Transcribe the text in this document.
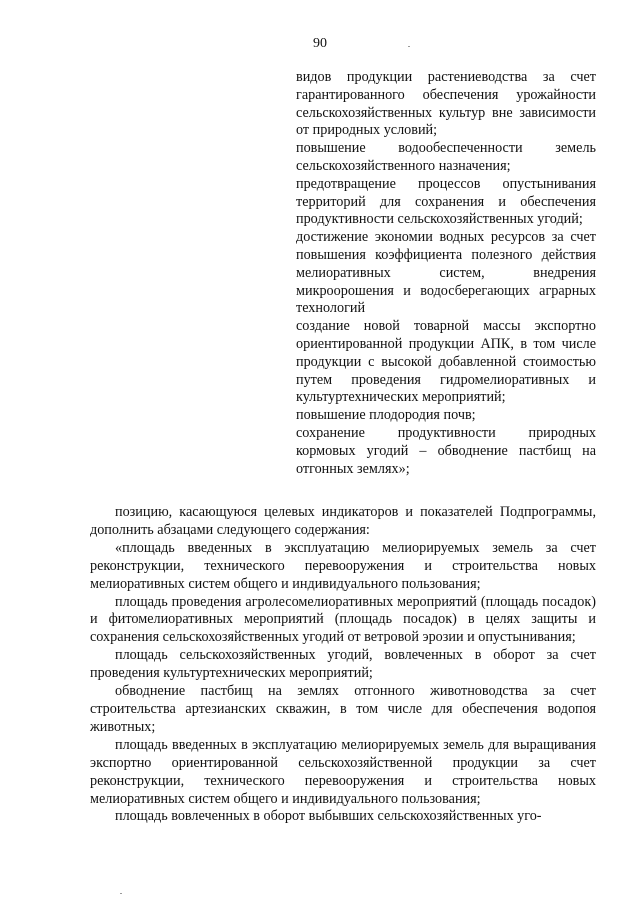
90

видов продукции растениеводства за счет гарантированного обеспечения урожайности сельскохозяйственных культур вне зависимости от природных условий;

повышение водообеспеченности земель сельскохозяйственного назначения;

предотвращение процессов опустынивания территорий для сохранения и обеспечения продуктивности сельскохозяйственных угодий;

достижение экономии водных ресурсов за счет повышения коэффициента полезного действия мелиоративных систем, внедрения микроорошения и водосберегающих аграрных технологий

создание новой товарной массы экспортно ориентированной продукции АПК, в том числе продукции с высокой добавленной стоимостью путем проведения гидромелиоративных и культуртехнических мероприятий;

повышение плодородия почв;

сохранение продуктивности природных кормовых угодий – обводнение пастбищ на отгонных землях»;

позицию, касающуюся целевых индикаторов и показателей Подпрограммы, дополнить абзацами следующего содержания:

«площадь введенных в эксплуатацию мелиорируемых земель за счет реконструкции, технического перевооружения и строительства новых мелиоративных систем общего и индивидуального пользования;

площадь проведения агролесомелиоративных мероприятий (площадь посадок) и фитомелиоративных мероприятий (площадь посадок) в целях защиты и сохранения сельскохозяйственных угодий от ветровой эрозии и опустынивания;

площадь сельскохозяйственных угодий, вовлеченных в оборот за счет проведения культуртехнических мероприятий;

обводнение пастбищ на землях отгонного животноводства за счет строительства артезианских скважин, в том числе для обеспечения водопоя животных;

площадь введенных в эксплуатацию мелиорируемых земель для выращивания экспортно ориентированной сельскохозяйственной продукции за счет реконструкции, технического перевооружения и строительства новых мелиоративных систем общего и индивидуального пользования;

площадь вовлеченных в оборот выбывших сельскохозяйственных уго-
